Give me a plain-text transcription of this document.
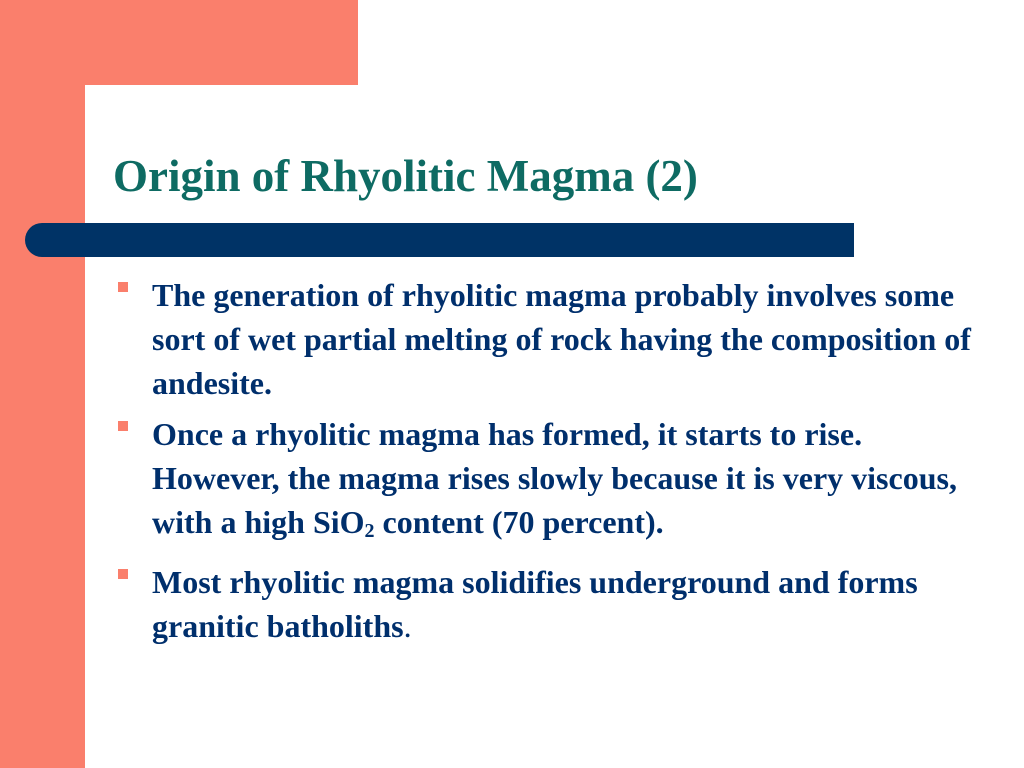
Origin of Rhyolitic Magma (2)
The generation of rhyolitic magma probably involves some sort of wet partial melting of rock having the composition of andesite.
Once a rhyolitic magma has formed, it starts to rise. However, the magma rises slowly because it is very viscous, with a high SiO$_2$ content (70 percent).
Most rhyolitic magma solidifies underground and forms granitic batholiths.
